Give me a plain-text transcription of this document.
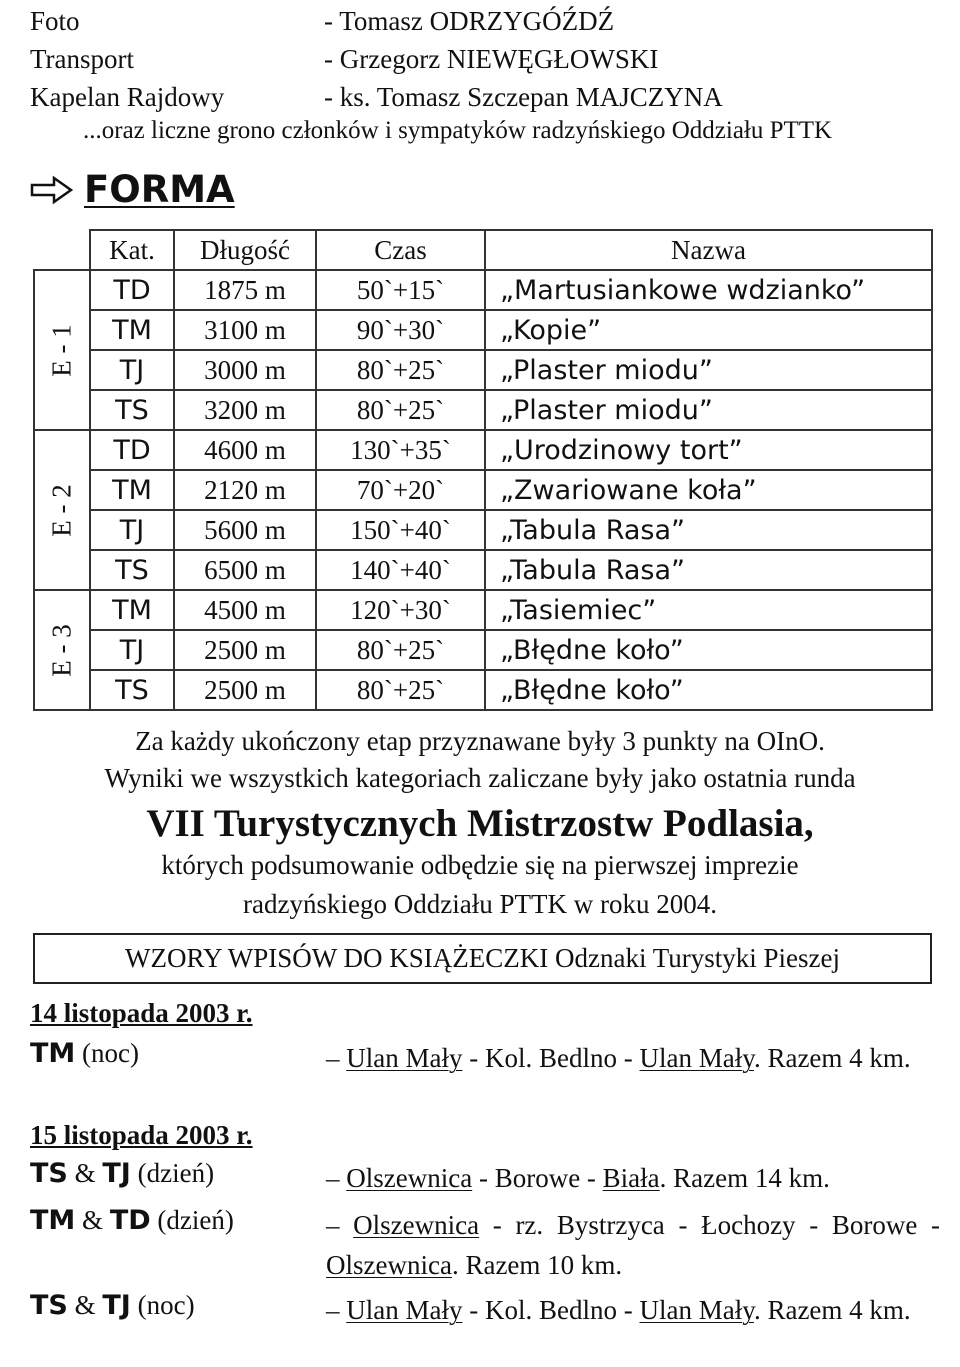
Foto	- Tomasz ODRZYGÓŹDŹ
Transport	- Grzegorz NIEWĘGŁOWSKI
Kapelan Rajdowy	- ks. Tomasz Szczepan MAJCZYNA
...oraz liczne grono członków i sympatyków radzyńskiego Oddziału PTTK
FORMA
	Kat.	Długość	Czas	Nazwa
E - 1	TD	1875 m	50`+15`	„Martusiankowe wdzianko”
	TM	3100 m	90`+30`	„Kopie”
	TJ	3000 m	80`+25`	„Plaster miodu”
	TS	3200 m	80`+25`	„Plaster miodu”
E - 2	TD	4600 m	130`+35`	„Urodzinowy tort”
	TM	2120 m	70`+20`	„Zwariowane koła”
	TJ	5600 m	150`+40`	„Tabula Rasa”
	TS	6500 m	140`+40`	„Tabula Rasa”
E - 3	TM	4500 m	120`+30`	„Tasiemiec”
	TJ	2500 m	80`+25`	„Błędne koło”
	TS	2500 m	80`+25`	„Błędne koło”
Za każdy ukończony etap przyznawane były 3 punkty na OInO.
Wyniki we wszystkich kategoriach zaliczane były jako ostatnia runda
VII Turystycznych Mistrzostw Podlasia,
których podsumowanie odbędzie się na pierwszej imprezie
radzyńskiego Oddziału PTTK w roku 2004.
WZORY WPISÓW DO KSIĄŻECZKI Odznaki Turystyki Pieszej
14 listopada 2003 r.
TM (noc)	– Ulan Mały - Kol. Bedlno - Ulan Mały. Razem 4 km.
15 listopada 2003 r.
TS & TJ (dzień)	– Olszewnica - Borowe - Biała. Razem 14 km.
TM & TD (dzień)	– Olszewnica - rz. Bystrzyca - Łochozy - Borowe - Olszewnica. Razem 10 km.
TS & TJ (noc)	– Ulan Mały - Kol. Bedlno - Ulan Mały. Razem 4 km.
